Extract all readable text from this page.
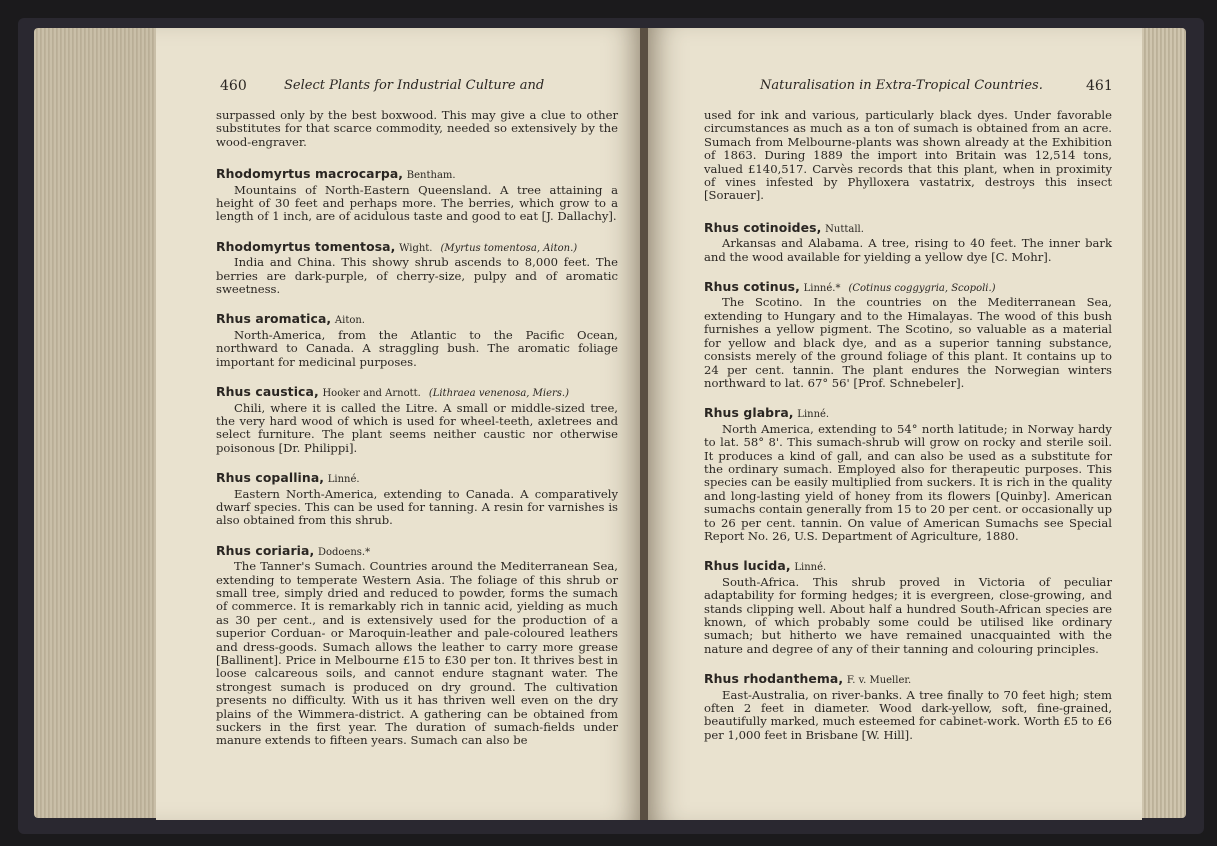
460	Select Plants for Industrial Culture and

surpassed only by the best boxwood. This may give a clue to other substitutes for that scarce commodity, needed so extensively by the wood-engraver.

Rhodomyrtus macrocarpa, Bentham.

Mountains of North-Eastern Queensland. A tree attaining a height of 30 feet and perhaps more. The berries, which grow to a length of 1 inch, are of acidulous taste and good to eat [J. Dallachy].

Rhodomyrtus tomentosa, Wight. (Myrtus tomentosa, Aiton.)

India and China. This showy shrub ascends to 8,000 feet. The berries are dark-purple, of cherry-size, pulpy and of aromatic sweetness.

Rhus aromatica, Aiton.

North-America, from the Atlantic to the Pacific Ocean, northward to Canada. A straggling bush. The aromatic foliage important for medicinal purposes.

Rhus caustica, Hooker and Arnott. (Lithraea venenosa, Miers.)

Chili, where it is called the Litre. A small or middle-sized tree, the very hard wood of which is used for wheel-teeth, axletrees and select furniture. The plant seems neither caustic nor otherwise poisonous [Dr. Philippi].

Rhus copallina, Linné.

Eastern North-America, extending to Canada. A comparatively dwarf species. This can be used for tanning. A resin for varnishes is also obtained from this shrub.

Rhus coriaria, Dodoens.*

The Tanner's Sumach. Countries around the Mediterranean Sea, extending to temperate Western Asia. The foliage of this shrub or small tree, simply dried and reduced to powder, forms the sumach of commerce. It is remarkably rich in tannic acid, yielding as much as 30 per cent., and is extensively used for the production of a superior Corduan- or Maroquin-leather and pale-coloured leathers and dress-goods. Sumach allows the leather to carry more grease [Ballinent]. Price in Melbourne £15 to £30 per ton. It thrives best in loose calcareous soils, and cannot endure stagnant water. The strongest sumach is produced on dry ground. The cultivation presents no difficulty. With us it has thriven well even on the dry plains of the Wimmera-district. A gathering can be obtained from suckers in the first year. The duration of sumach-fields under manure extends to fifteen years. Sumach can also be

Naturalisation in Extra-Tropical Countries.	461

used for ink and various, particularly black dyes. Under favorable circumstances as much as a ton of sumach is obtained from an acre. Sumach from Melbourne-plants was shown already at the Exhibition of 1863. During 1889 the import into Britain was 12,514 tons, valued £140,517. Carvès records that this plant, when in proximity of vines infested by Phylloxera vastatrix, destroys this insect [Sorauer].

Rhus cotinoides, Nuttall.

Arkansas and Alabama. A tree, rising to 40 feet. The inner bark and the wood available for yielding a yellow dye [C. Mohr].

Rhus cotinus, Linné.* (Cotinus coggygria, Scopoli.)

The Scotino. In the countries on the Mediterranean Sea, extending to Hungary and to the Himalayas. The wood of this bush furnishes a yellow pigment. The Scotino, so valuable as a material for yellow and black dye, and as a superior tanning substance, consists merely of the ground foliage of this plant. It contains up to 24 per cent. tannin. The plant endures the Norwegian winters northward to lat. 67° 56' [Prof. Schnebeler].

Rhus glabra, Linné.

North America, extending to 54° north latitude; in Norway hardy to lat. 58° 8'. This sumach-shrub will grow on rocky and sterile soil. It produces a kind of gall, and can also be used as a substitute for the ordinary sumach. Employed also for therapeutic purposes. This species can be easily multiplied from suckers. It is rich in the quality and long-lasting yield of honey from its flowers [Quinby]. American sumachs contain generally from 15 to 20 per cent. or occasionally up to 26 per cent. tannin. On value of American Sumachs see Special Report No. 26, U.S. Department of Agriculture, 1880.

Rhus lucida, Linné.

South-Africa. This shrub proved in Victoria of peculiar adaptability for forming hedges; it is evergreen, close-growing, and stands clipping well. About half a hundred South-African species are known, of which probably some could be utilised like ordinary sumach; but hitherto we have remained unacquainted with the nature and degree of any of their tanning and colouring principles.

Rhus rhodanthema, F. v. Mueller.

East-Australia, on river-banks. A tree finally to 70 feet high; stem often 2 feet in diameter. Wood dark-yellow, soft, fine-grained, beautifully marked, much esteemed for cabinet-work. Worth £5 to £6 per 1,000 feet in Brisbane [W. Hill].
